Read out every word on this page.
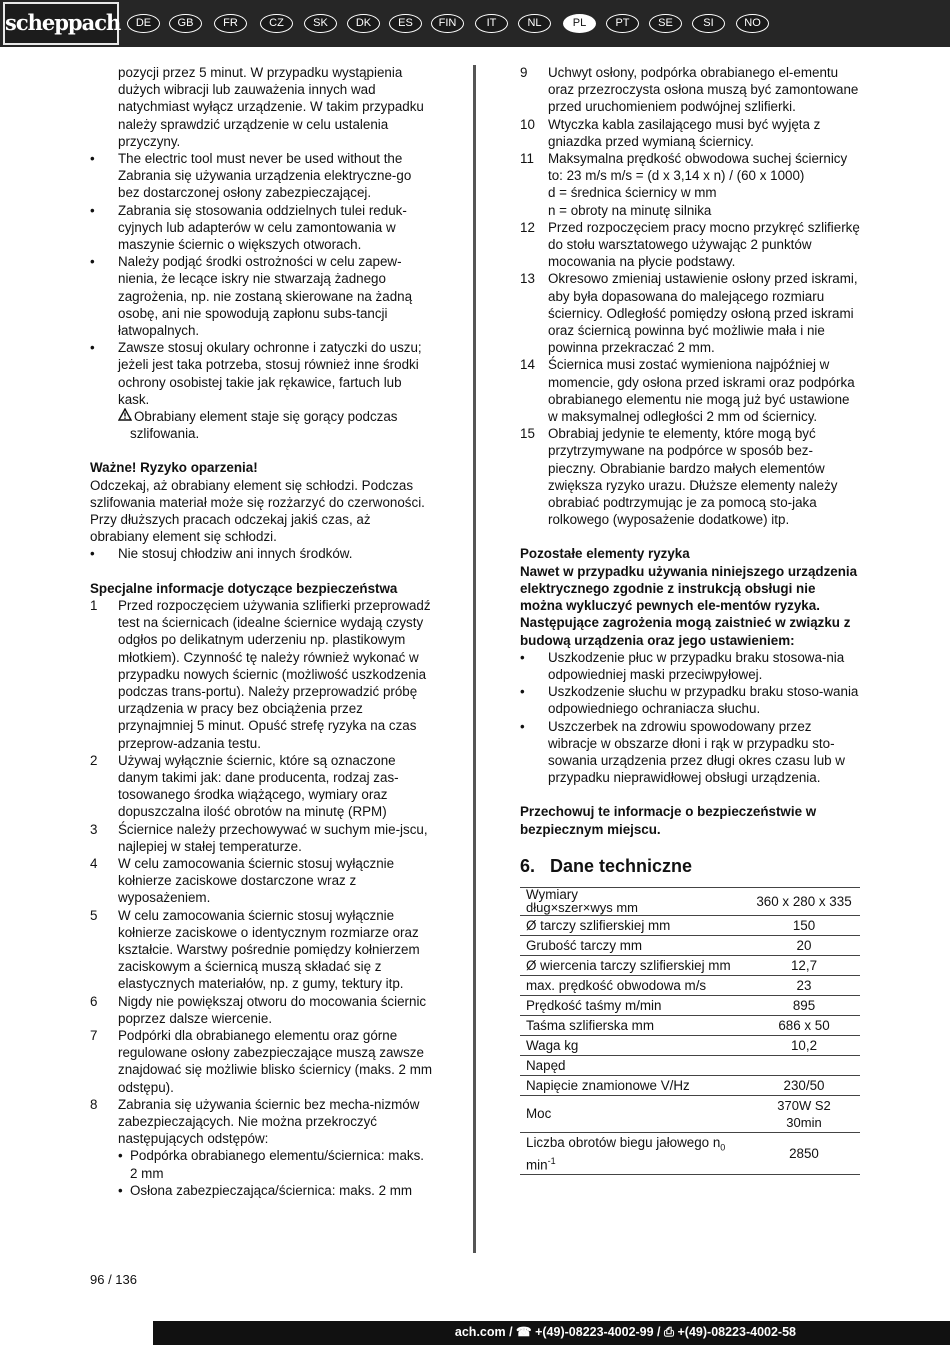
scheppach	DE	GB	FR	CZ	SK	DK	ES	FIN	IT	NL	PL	PT	SE	SI	NO

pozycji przez 5 minut. W przypadku wystąpienia dużych wibracji lub zauważenia innych wad natychmiast wyłącz urządzenie. W takim przypadku należy sprawdzić urządzenie w celu ustalenia przyczyny.

• The electric tool must never be used without the Zabrania się używania urządzenia elektryczne-go bez dostarczonej osłony zabezpieczającej.

• Zabrania się stosowania oddzielnych tulei reduk-cyjnych lub adapterów w celu zamontowania w maszynie ściernic o większych otworach.

• Należy podjąć środki ostrożności w celu zapew-nienia, że lecące iskry nie stwarzają żadnego zagrożenia, np. nie zostaną skierowane na żadną osobę, ani nie spowodują zapłonu subs-tancji łatwopalnych.

• Zawsze stosuj okulary ochronne i zatyczki do uszu; jeżeli jest taka potrzeba, stosuj również inne środki ochrony osobistej takie jak rękawice, fartuch lub kask.

Obrabiany element staje się gorący podczas
szlifowania.

Ważne! Ryzyko oparzenia!

Odczekaj, aż obrabiany element się schłodzi. Podczas szlifowania materiał może się rozżarzyć do czerwoności. Przy dłuższych pracach odczekaj jakiś czas, aż obrabiany element się schłodzi.

• Nie stosuj chłodziw ani innych środków.

Specjalne informacje dotyczące bezpieczeństwa

1 Przed rozpoczęciem używania szlifierki przeprowadź test na ściernicach (idealne ściernice wydają czysty odgłos po delikatnym uderzeniu np. plastikowym młotkiem). Czynność tę należy również wykonać w przypadku nowych ściernic (możliwość uszkodzenia podczas trans-portu). Należy przeprowadzić próbę urządzenia w pracy bez obciążenia przez przynajmniej 5 minut. Opuść strefę ryzyka na czas przeprow-adzania testu.

2 Używaj wyłącznie ściernic, które są oznaczone danym takimi jak: dane producenta, rodzaj zas-tosowanego środka wiążącego, wymiary oraz dopuszczalna ilość obrotów na minutę (RPM)

3 Ściernice należy przechowywać w suchym mie-jscu, najlepiej w stałej temperaturze.

4 W celu zamocowania ściernic stosuj wyłącznie kołnierze zaciskowe dostarczone wraz z wyposażeniem.

5 W celu zamocowania ściernic stosuj wyłącznie kołnierze zaciskowe o identycznym rozmiarze oraz kształcie. Warstwy pośrednie pomiędzy kołnierzem zaciskowym a ściernicą muszą składać się z elastycznych materiałów, np. z gumy, tektury itp.

6 Nigdy nie powiększaj otworu do mocowania ściernic poprzez dalsze wiercenie.

7 Podpórki dla obrabianego elementu oraz górne regulowane osłony zabezpieczające muszą zawsze znajdować się możliwie blisko ściernicy (maks. 2 mm odstępu).

8 Zabrania się używania ściernic bez mecha-nizmów zabezpieczających. Nie można przekroczyć następujących odstępów:

• Podpórka obrabianego elementu/ściernica: maks. 2 mm

• Osłona zabezpieczająca/ściernica: maks. 2 mm

9 Uchwyt osłony, podpórka obrabianego el-ementu oraz przezroczysta osłona muszą być zamontowane przed uruchomieniem podwójnej szlifierki.

10 Wtyczka kabla zasilającego musi być wyjęta z gniazdka przed wymianą ściernicy.

11 Maksymalna prędkość obwodowa suchej ściernicy to: 23 m/s m/s = (d x 3,14 x n) / (60 x 1000)

d = średnica ściernicy w mm

n = obroty na minutę silnika

12 Przed rozpoczęciem pracy mocno przykręć szlifierkę do stołu warsztatowego używając 2 punktów mocowania na płycie podstawy.

13 Okresowo zmieniaj ustawienie osłony przed iskrami, aby była dopasowana do malejącego rozmiaru ściernicy. Odległość pomiędzy osłoną przed iskrami oraz ściernicą powinna być możliwie mała i nie powinna przekraczać 2 mm.

14 Ściernica musi zostać wymieniona najpóźniej w momencie, gdy osłona przed iskrami oraz podpórka obrabianego elementu nie mogą już być ustawione w maksymalnej odległości 2 mm od ściernicy.

15 Obrabiaj jedynie te elementy, które mogą być przytrzymywane na podpórce w sposób bez-pieczny. Obrabianie bardzo małych elementów zwiększa ryzyko urazu. Dłuższe elementy należy obrabiać podtrzymując je za pomocą sto-jaka rolkowego (wyposażenie dodatkowe) itp.

Pozostałe elementy ryzyka

Nawet w przypadku używania niniejszego urządzenia elektrycznego zgodnie z instrukcją obsługi nie można wykluczyć pewnych ele-mentów ryzyka. Następujące zagrożenia mogą zaistnieć w związku z budową urządzenia oraz jego ustawieniem:

• Uszkodzenie płuc w przypadku braku stosowa-nia odpowiedniej maski przeciwpyłowej.

• Uszkodzenie słuchu w przypadku braku stoso-wania odpowiedniego ochraniacza słuchu.

• Uszczerbek na zdrowiu spowodowany przez wibracje w obszarze dłoni i rąk w przypadku sto-sowania urządzenia przez długi okres czasu lub w przypadku nieprawidłowej obsługi urządzenia.

Przechowuj te informacje o bezpieczeństwie w bezpiecznym miejscu.

6. Dane techniczne
Wymiary
dług×szer×wys mm	360 x 280 x 335
Ø tarczy szlifierskiej mm	150
Grubość tarczy mm	20
Ø wiercenia tarczy szlifierskiej mm	12,7
max. prędkość obwodowa m/s	23
Prędkość taśmy m/min	895
Taśma szlifierska mm	686 x 50
Waga kg	10,2
Napęd	
Napięcie znamionowe V/Hz	230/50
Moc	370W S2
30min

Liczba obrotów biegu jałowego $n_0$
$\min^{-1}$	2850
96 / 136
ach.com / ☎ +(49)-08223-4002-99 / ⎙ +(49)-08223-4002-58
